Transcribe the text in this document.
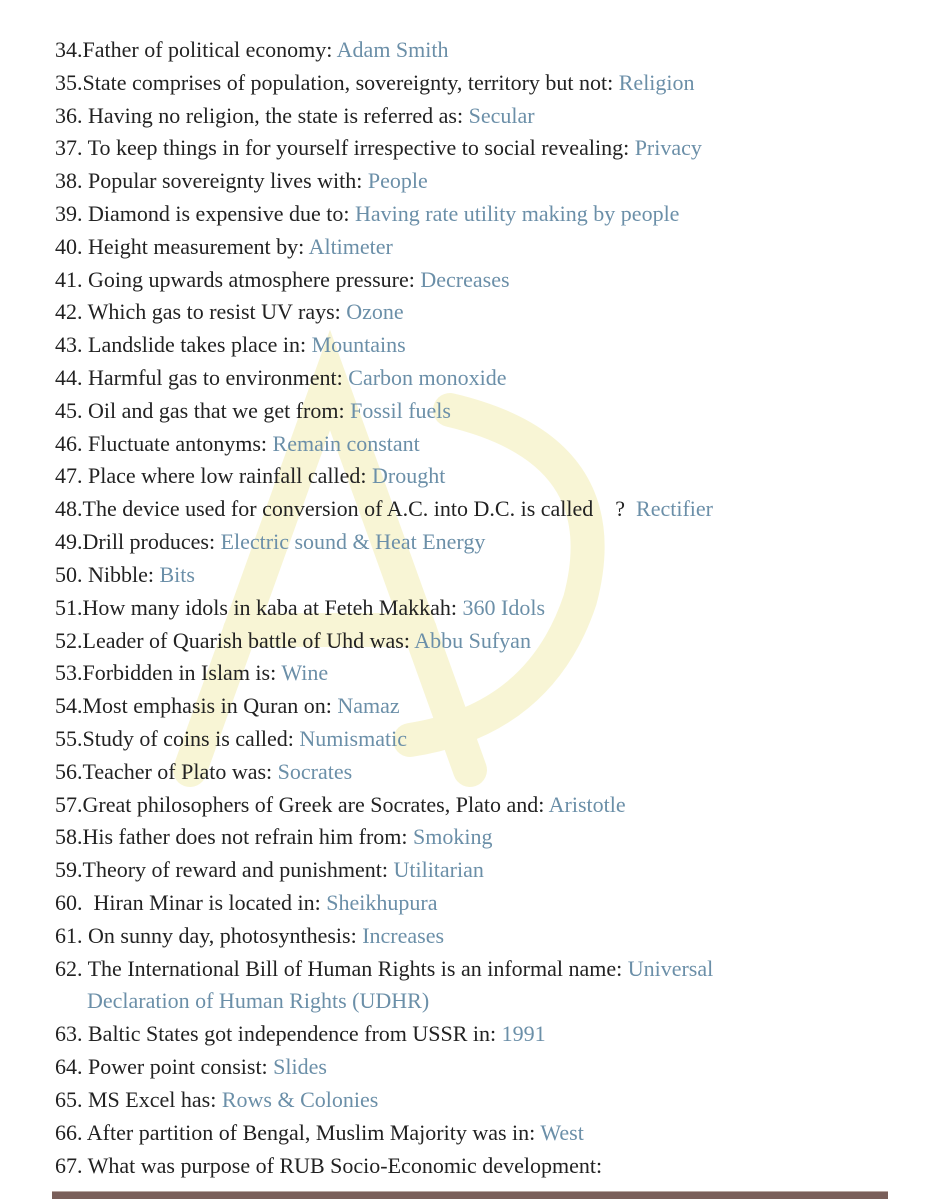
34.Father of political economy: Adam Smith
35.State comprises of population, sovereignty, territory but not: Religion
36. Having no religion, the state is referred as: Secular
37. To keep things in for yourself irrespective to social revealing: Privacy
38. Popular sovereignty lives with: People
39. Diamond is expensive due to: Having rate utility making by people
40. Height measurement by: Altimeter
41. Going upwards atmosphere pressure: Decreases
42. Which gas to resist UV rays: Ozone
43. Landslide takes place in: Mountains
44. Harmful gas to environment: Carbon monoxide
45. Oil and gas that we get from: Fossil fuels
46. Fluctuate antonyms: Remain constant
47. Place where low rainfall called: Drought
48.The device used for conversion of A.C. into D.C. is called    ?  Rectifier
49.Drill produces: Electric sound & Heat Energy
50. Nibble: Bits
51.How many idols in kaba at Feteh Makkah: 360 Idols
52.Leader of Quarish battle of Uhd was: Abbu Sufyan
53.Forbidden in Islam is: Wine
54.Most emphasis in Quran on: Namaz
55.Study of coins is called: Numismatic
56.Teacher of Plato was: Socrates
57.Great philosophers of Greek are Socrates, Plato and: Aristotle
58.His father does not refrain him from: Smoking
59.Theory of reward and punishment: Utilitarian
60.  Hiran Minar is located in: Sheikhupura
61. On sunny day, photosynthesis: Increases
62. The International Bill of Human Rights is an informal name: Universal
Declaration of Human Rights (UDHR)
63. Baltic States got independence from USSR in: 1991
64. Power point consist: Slides
65. MS Excel has: Rows & Colonies
66. After partition of Bengal, Muslim Majority was in: West
67. What was purpose of RUB Socio-Economic development:
